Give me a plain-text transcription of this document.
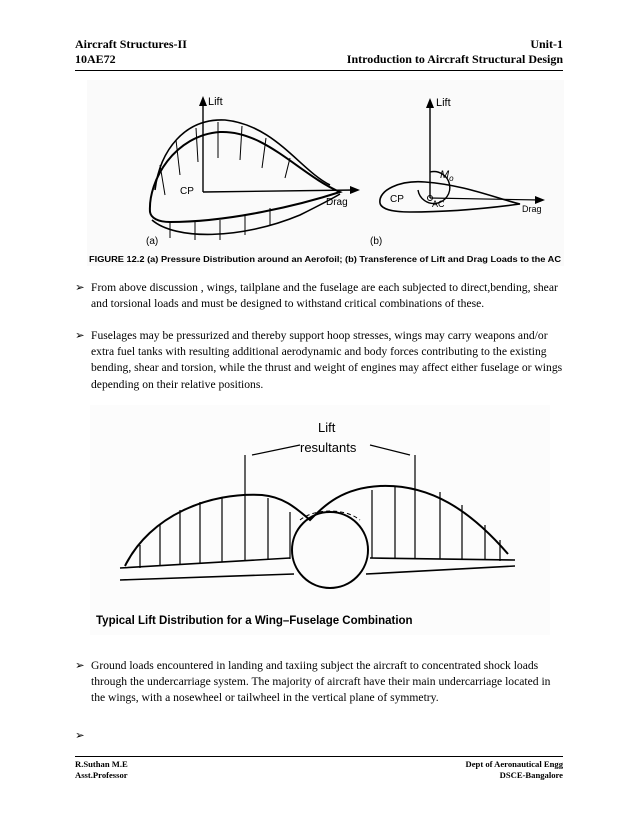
Aircraft Structures-II
10AE72
Unit-1
Introduction to Aircraft Structural Design
Lift
CP
Drag
(a)
Lift
$M_o$
CP	AC	Drag
(b)
FIGURE 12.2 (a) Pressure Distribution around an Aerofoil; (b) Transference of Lift and Drag Loads to the AC
➢ From above discussion , wings, tailplane and the fuselage are each subjected to direct,bending, shear and torsional loads and must be designed to withstand critical combinations of these.
➢ Fuselages may be pressurized and thereby support hoop stresses, wings may carry weapons and/or extra fuel tanks with resulting additional aerodynamic and body forces contributing to the existing bending, shear and torsion, while the thrust and weight of engines may affect either fuselage or wings depending on their relative positions.
Lift
resultants
Typical Lift Distribution for a Wing–Fuselage Combination
➢ Ground loads encountered in landing and taxiing subject the aircraft to concentrated shock loads through the undercarriage system. The majority of aircraft have their main undercarriage located in the wings, with a nosewheel or tailwheel in the vertical plane of symmetry.
➢
R.Suthan M.E
Asst.Professor
Dept of Aeronautical Engg
DSCE-Bangalore
